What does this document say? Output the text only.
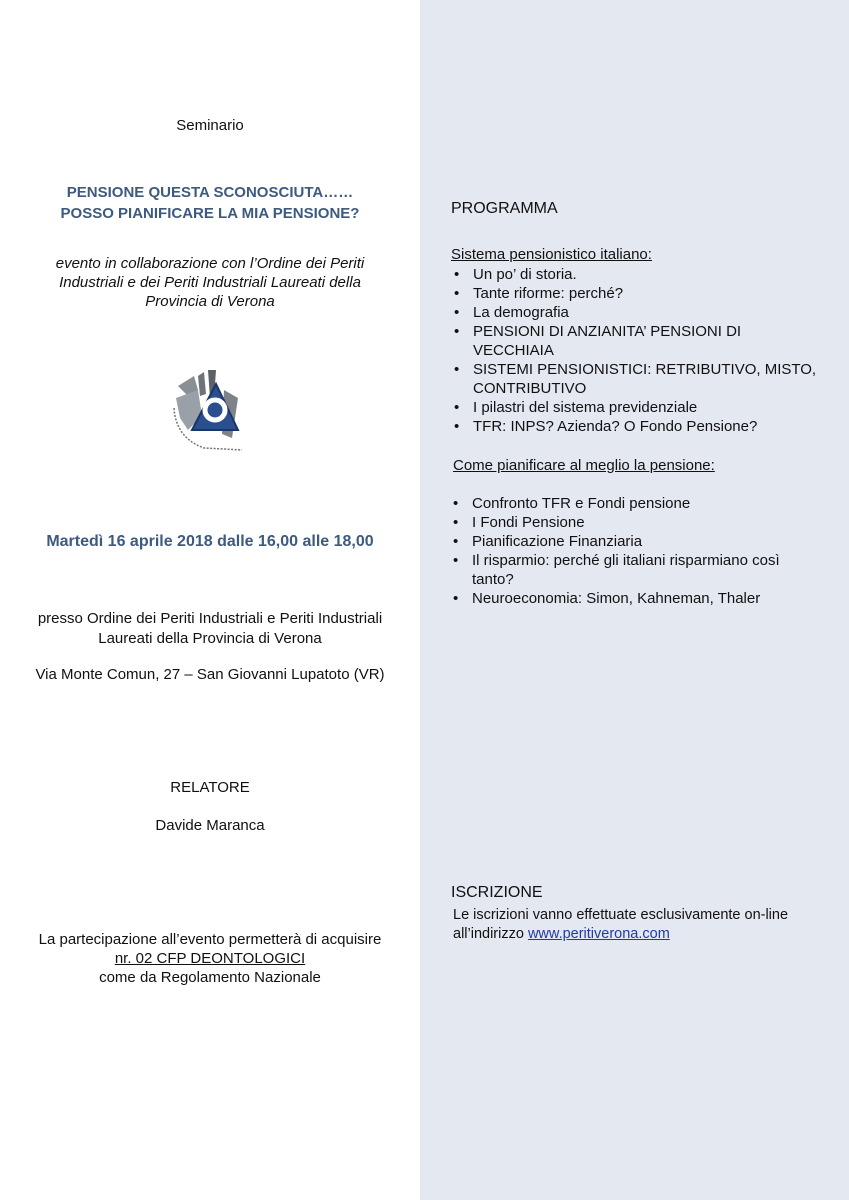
Seminario
PENSIONE QUESTA SCONOSCIUTA……
POSSO PIANIFICARE LA MIA PENSIONE?
evento in collaborazione con l’Ordine dei Periti
Industriali e dei Periti Industriali Laureati della
Provincia di Verona
Martedì 16 aprile 2018 dalle 16,00 alle 18,00
presso Ordine dei Periti Industriali e Periti Industriali
Laureati della Provincia di Verona
Via Monte Comun, 27 – San Giovanni Lupatoto (VR)
RELATORE
Davide Maranca
La partecipazione all’evento permetterà di acquisire
nr. 02 CFP DEONTOLOGICI
come da Regolamento Nazionale
PROGRAMMA
Sistema pensionistico italiano:
• Un po’ di storia.
• Tante riforme: perché?
• La demografia
• PENSIONI DI ANZIANITA’ PENSIONI DI VECCHIAIA
• SISTEMI PENSIONISTICI: RETRIBUTIVO, MISTO, CONTRIBUTIVO
• I pilastri del sistema previdenziale
• TFR: INPS? Azienda? O Fondo Pensione?
Come pianificare al meglio la pensione:
• Confronto TFR e Fondi pensione
• I Fondi Pensione
• Pianificazione Finanziaria
• Il risparmio: perché gli italiani risparmiano così tanto?
• Neuroeconomia: Simon, Kahneman, Thaler
ISCRIZIONE
Le iscrizioni vanno effettuate esclusivamente on-line
all’indirizzo www.peritiverona.com
